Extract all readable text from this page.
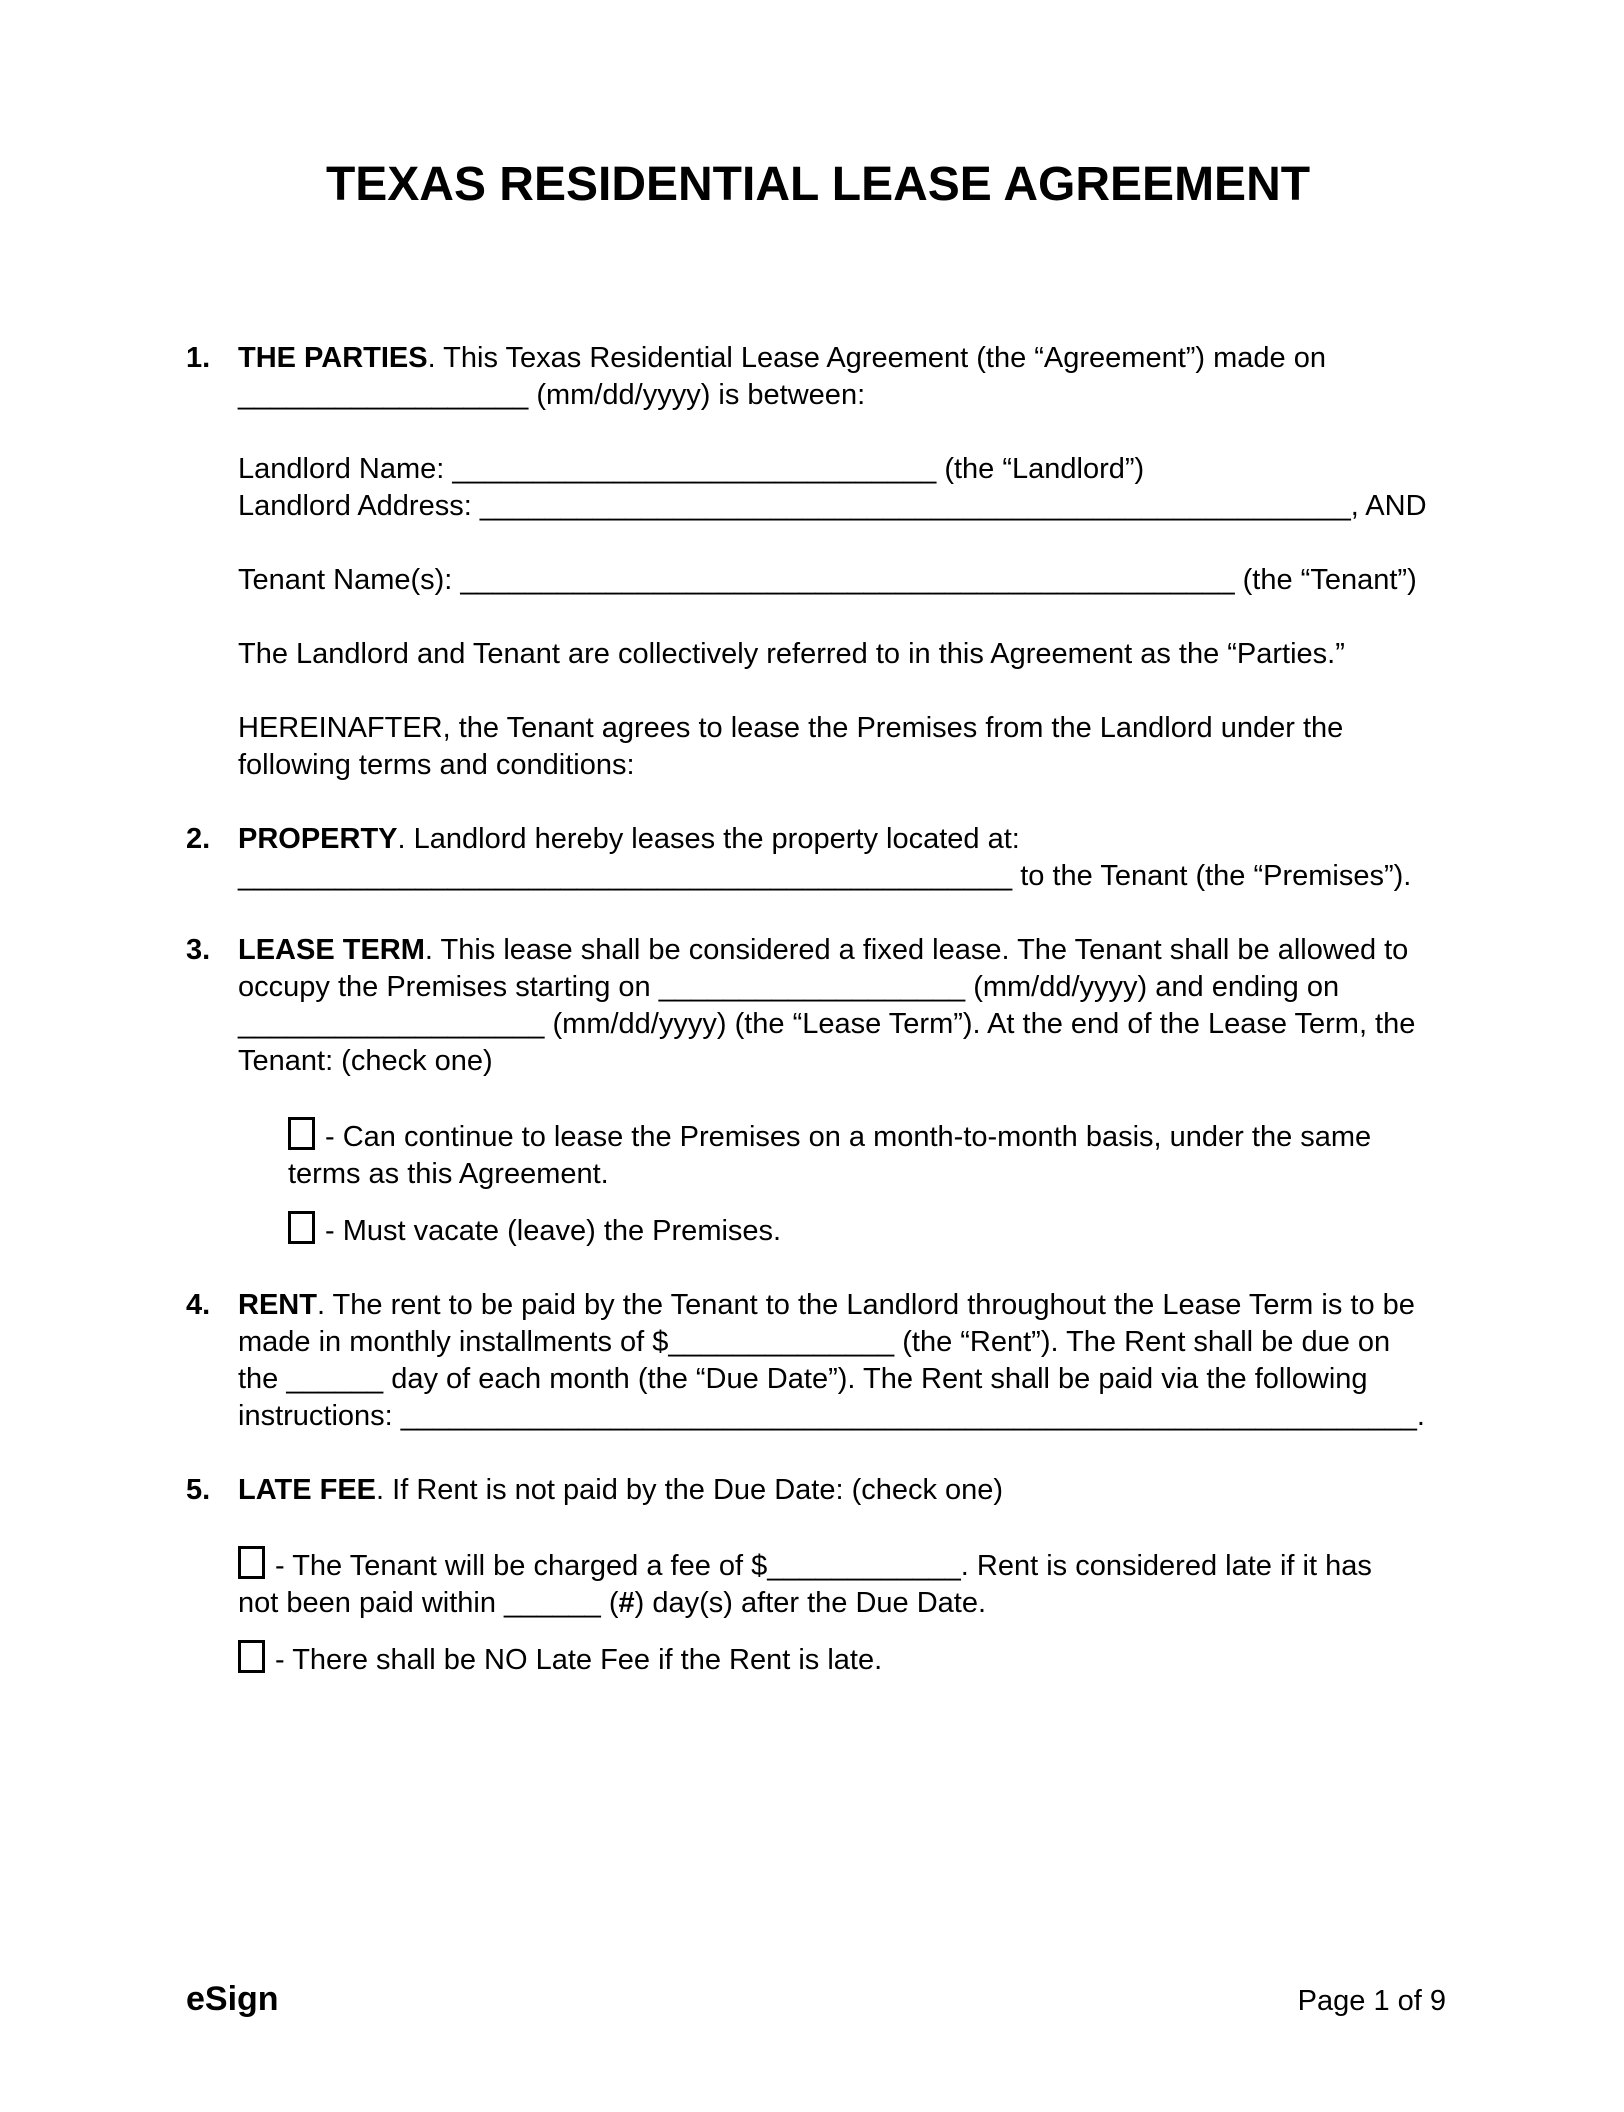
TEXAS RESIDENTIAL LEASE AGREEMENT
1. THE PARTIES. This Texas Residential Lease Agreement (the “Agreement”) made on
__________________ (mm/dd/yyyy) is between:
Landlord Name: ______________________________ (the “Landlord”)
Landlord Address: ______________________________________________________, AND
Tenant Name(s): ________________________________________________ (the “Tenant”)
The Landlord and Tenant are collectively referred to in this Agreement as the “Parties.”
HEREINAFTER, the Tenant agrees to lease the Premises from the Landlord under the
following terms and conditions:
2. PROPERTY. Landlord hereby leases the property located at:
________________________________________________ to the Tenant (the “Premises”).
3. LEASE TERM. This lease shall be considered a fixed lease. The Tenant shall be allowed to
occupy the Premises starting on ___________________ (mm/dd/yyyy) and ending on
___________________ (mm/dd/yyyy) (the “Lease Term”). At the end of the Lease Term, the
Tenant: (check one)
- Can continue to lease the Premises on a month-to-month basis, under the same
terms as this Agreement.
- Must vacate (leave) the Premises.
4. RENT. The rent to be paid by the Tenant to the Landlord throughout the Lease Term is to be
made in monthly installments of $______________ (the “Rent”). The Rent shall be due on
the ______ day of each month (the “Due Date”). The Rent shall be paid via the following
instructions: _______________________________________________________________.
5. LATE FEE. If Rent is not paid by the Due Date: (check one)
- The Tenant will be charged a fee of $____________. Rent is considered late if it has
not been paid within ______ (#) day(s) after the Due Date.
- There shall be NO Late Fee if the Rent is late.
eSign	Page 1 of 9
